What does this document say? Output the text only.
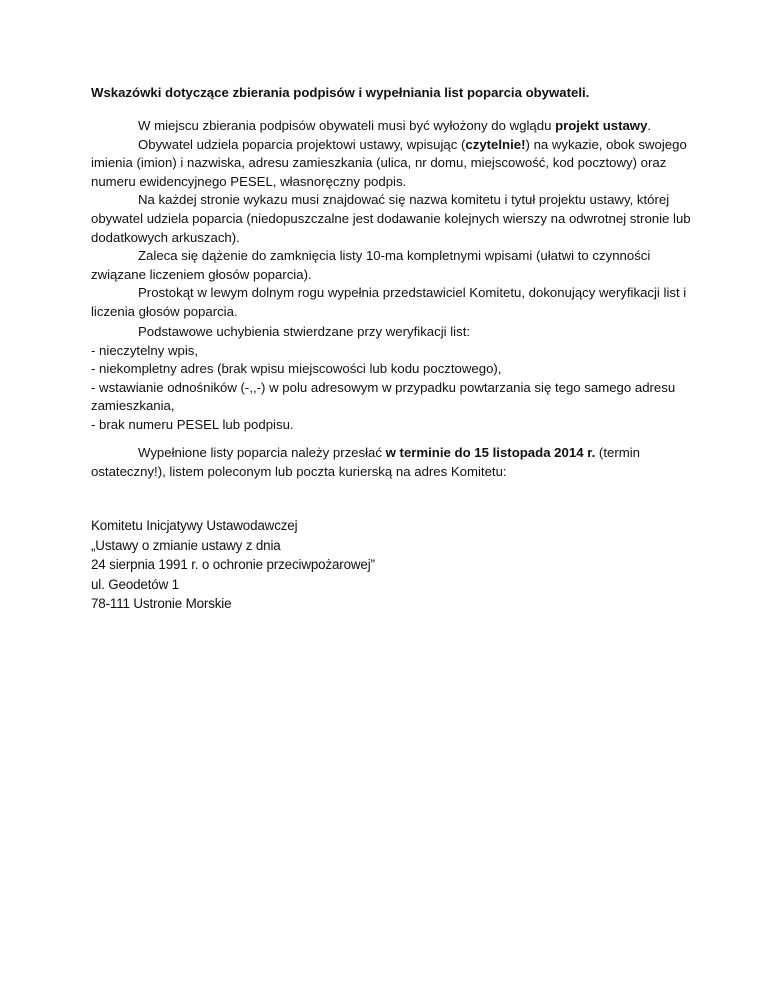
Wskazówki dotyczące zbierania podpisów i wypełniania list poparcia obywateli.

W miejscu zbierania podpisów obywateli musi być wyłożony do wglądu projekt ustawy.

Obywatel udziela poparcia projektowi ustawy, wpisując (czytelnie!) na wykazie, obok swojego imienia (imion) i nazwiska, adresu zamieszkania (ulica, nr domu, miejscowość, kod pocztowy) oraz numeru ewidencyjnego PESEL, własnoręczny podpis.

Na każdej stronie wykazu musi znajdować się nazwa komitetu i tytuł projektu ustawy, której obywatel udziela poparcia (niedopuszczalne jest dodawanie kolejnych wierszy na odwrotnej stronie lub dodatkowych arkuszach).

Zaleca się dążenie do zamknięcia listy 10-ma kompletnymi wpisami (ułatwi to czynności związane liczeniem głosów poparcia).

Prostokąt w lewym dolnym rogu wypełnia przedstawiciel Komitetu, dokonujący weryfikacji list i liczenia głosów poparcia.

Podstawowe uchybienia stwierdzane przy weryfikacji list:

- nieczytelny wpis,

- niekompletny adres (brak wpisu miejscowości lub kodu pocztowego),

- wstawianie odnośników (-,,-) w polu adresowym w przypadku powtarzania się tego samego adresu zamieszkania,

- brak numeru PESEL lub podpisu.

Wypełnione listy poparcia należy przesłać w terminie do 15 listopada 2014 r. (termin ostateczny!), listem poleconym lub poczta kurierską na adres Komitetu:

Komitetu Inicjatywy Ustawodawczej
„Ustawy o zmianie ustawy z dnia
24 sierpnia 1991 r. o ochronie przeciwpożarowej”
ul. Geodetów 1
78-111 Ustronie Morskie
